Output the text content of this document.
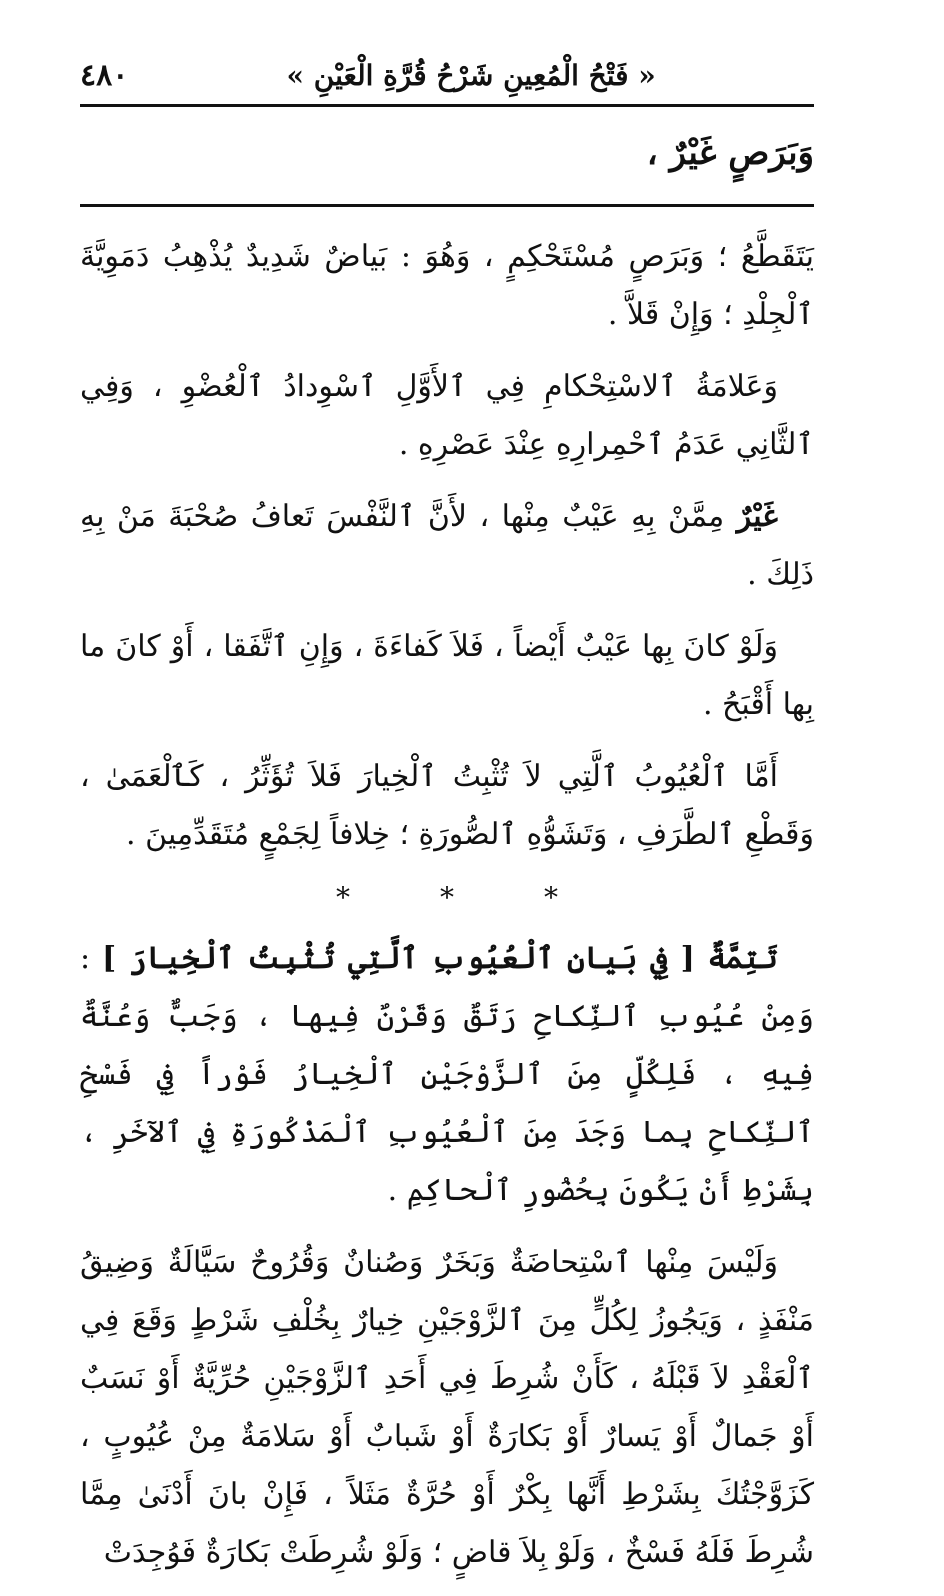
« فَتْحُ الْمُعِينِ شَرْحُ قُرَّةِ الْعَيْنِ »
٤٨٠
وَبَرَصٍ غَيْرٌ ،

يَتَقَطَّعُ ؛ وَبَرَصٍ مُسْتَحْكِمٍ ، وَهُوَ : بَياضٌ شَدِيدٌ يُذْهِبُ دَمَوِيَّةَ ٱلْجِلْدِ ؛ وَإِنْ قَلاَّ .

وَعَلامَةُ ٱلاسْتِحْكامِ فِي ٱلأَوَّلِ ٱسْوِدادُ ٱلْعُضْوِ ، وَفِي ٱلثَّانِي عَدَمُ ٱحْمِرارِهِ عِنْدَ عَصْرِهِ .

غَيْرٌ مِمَّنْ بِهِ عَيْبٌ مِنْها ، لأَنَّ ٱلنَّفْسَ تَعافُ صُحْبَةَ مَنْ بِهِ ذَلِكَ .

وَلَوْ كانَ بِها عَيْبٌ أَيْضاً ، فَلاَ كَفاءَةَ ، وَإِنِ ٱتَّفَقا ، أَوْ كانَ ما بِها أَقْبَحُ .

أَمَّا ٱلْعُيُوبُ ٱلَّتِي لاَ تُثْبِتُ ٱلْخِيارَ فَلاَ تُؤَثِّرُ ، كَٱلْعَمَىٰ ، وَقَطْعِ ٱلطَّرَفِ ، وَتَشَوُّهِ ٱلصُّورَةِ ؛ خِلافاً لِجَمْعٍ مُتَقَدِّمِينَ .

*	*	*

تَتِمَّةٌ [ فِي بَيانِ ٱلْعُيُوبِ ٱلَّتِي تُثْبِتُ ٱلْخِيارَ ] : وَمِنْ عُيُوبِ ٱلنِّكاحِ رَتَقٌ وَقَرْنٌ فِيها ، وَجَبٌّ وَعُنَّةٌ فِيهِ ، فَلِكُلٍّ مِنَ ٱلزَّوْجَيْنِ ٱلْخِيارُ فَوْراً فِي فَسْخِ ٱلنِّكاحِ بِما وَجَدَ مِنَ ٱلْعُيُوبِ ٱلْمَذْكُورَةِ فِي ٱلآخَرِ ، بِشَرْطِ أَنْ يَكُونَ بِحُضُورِ ٱلْحاكِمِ .

وَلَيْسَ مِنْها ٱسْتِحاضَةٌ وَبَخَرٌ وَصُنانٌ وَقُرُوحٌ سَيَّالَةٌ وَضِيقُ مَنْفَذٍ ، وَيَجُوزُ لِكُلٍّ مِنَ ٱلزَّوْجَيْنِ خِيارٌ بِخُلْفِ شَرْطٍ وَقَعَ فِي ٱلْعَقْدِ لاَ قَبْلَهُ ، كَأَنْ شُرِطَ فِي أَحَدِ ٱلزَّوْجَيْنِ حُرِّيَّةٌ أَوْ نَسَبٌ أَوْ جَمالٌ أَوْ يَسارٌ أَوْ بَكارَةٌ أَوْ شَبابٌ أَوْ سَلامَةٌ مِنْ عُيُوبٍ ، كَزَوَّجْتُكَ بِشَرْطِ أَنَّها بِكْرٌ أَوْ حُرَّةٌ مَثَلاً ، فَإِنْ بانَ أَدْنَىٰ مِمَّا شُرِطَ فَلَهُ فَسْخٌ ، وَلَوْ بِلاَ قاضٍ ؛ وَلَوْ شُرِطَتْ بَكارَةٌ فَوُجِدَتْ
